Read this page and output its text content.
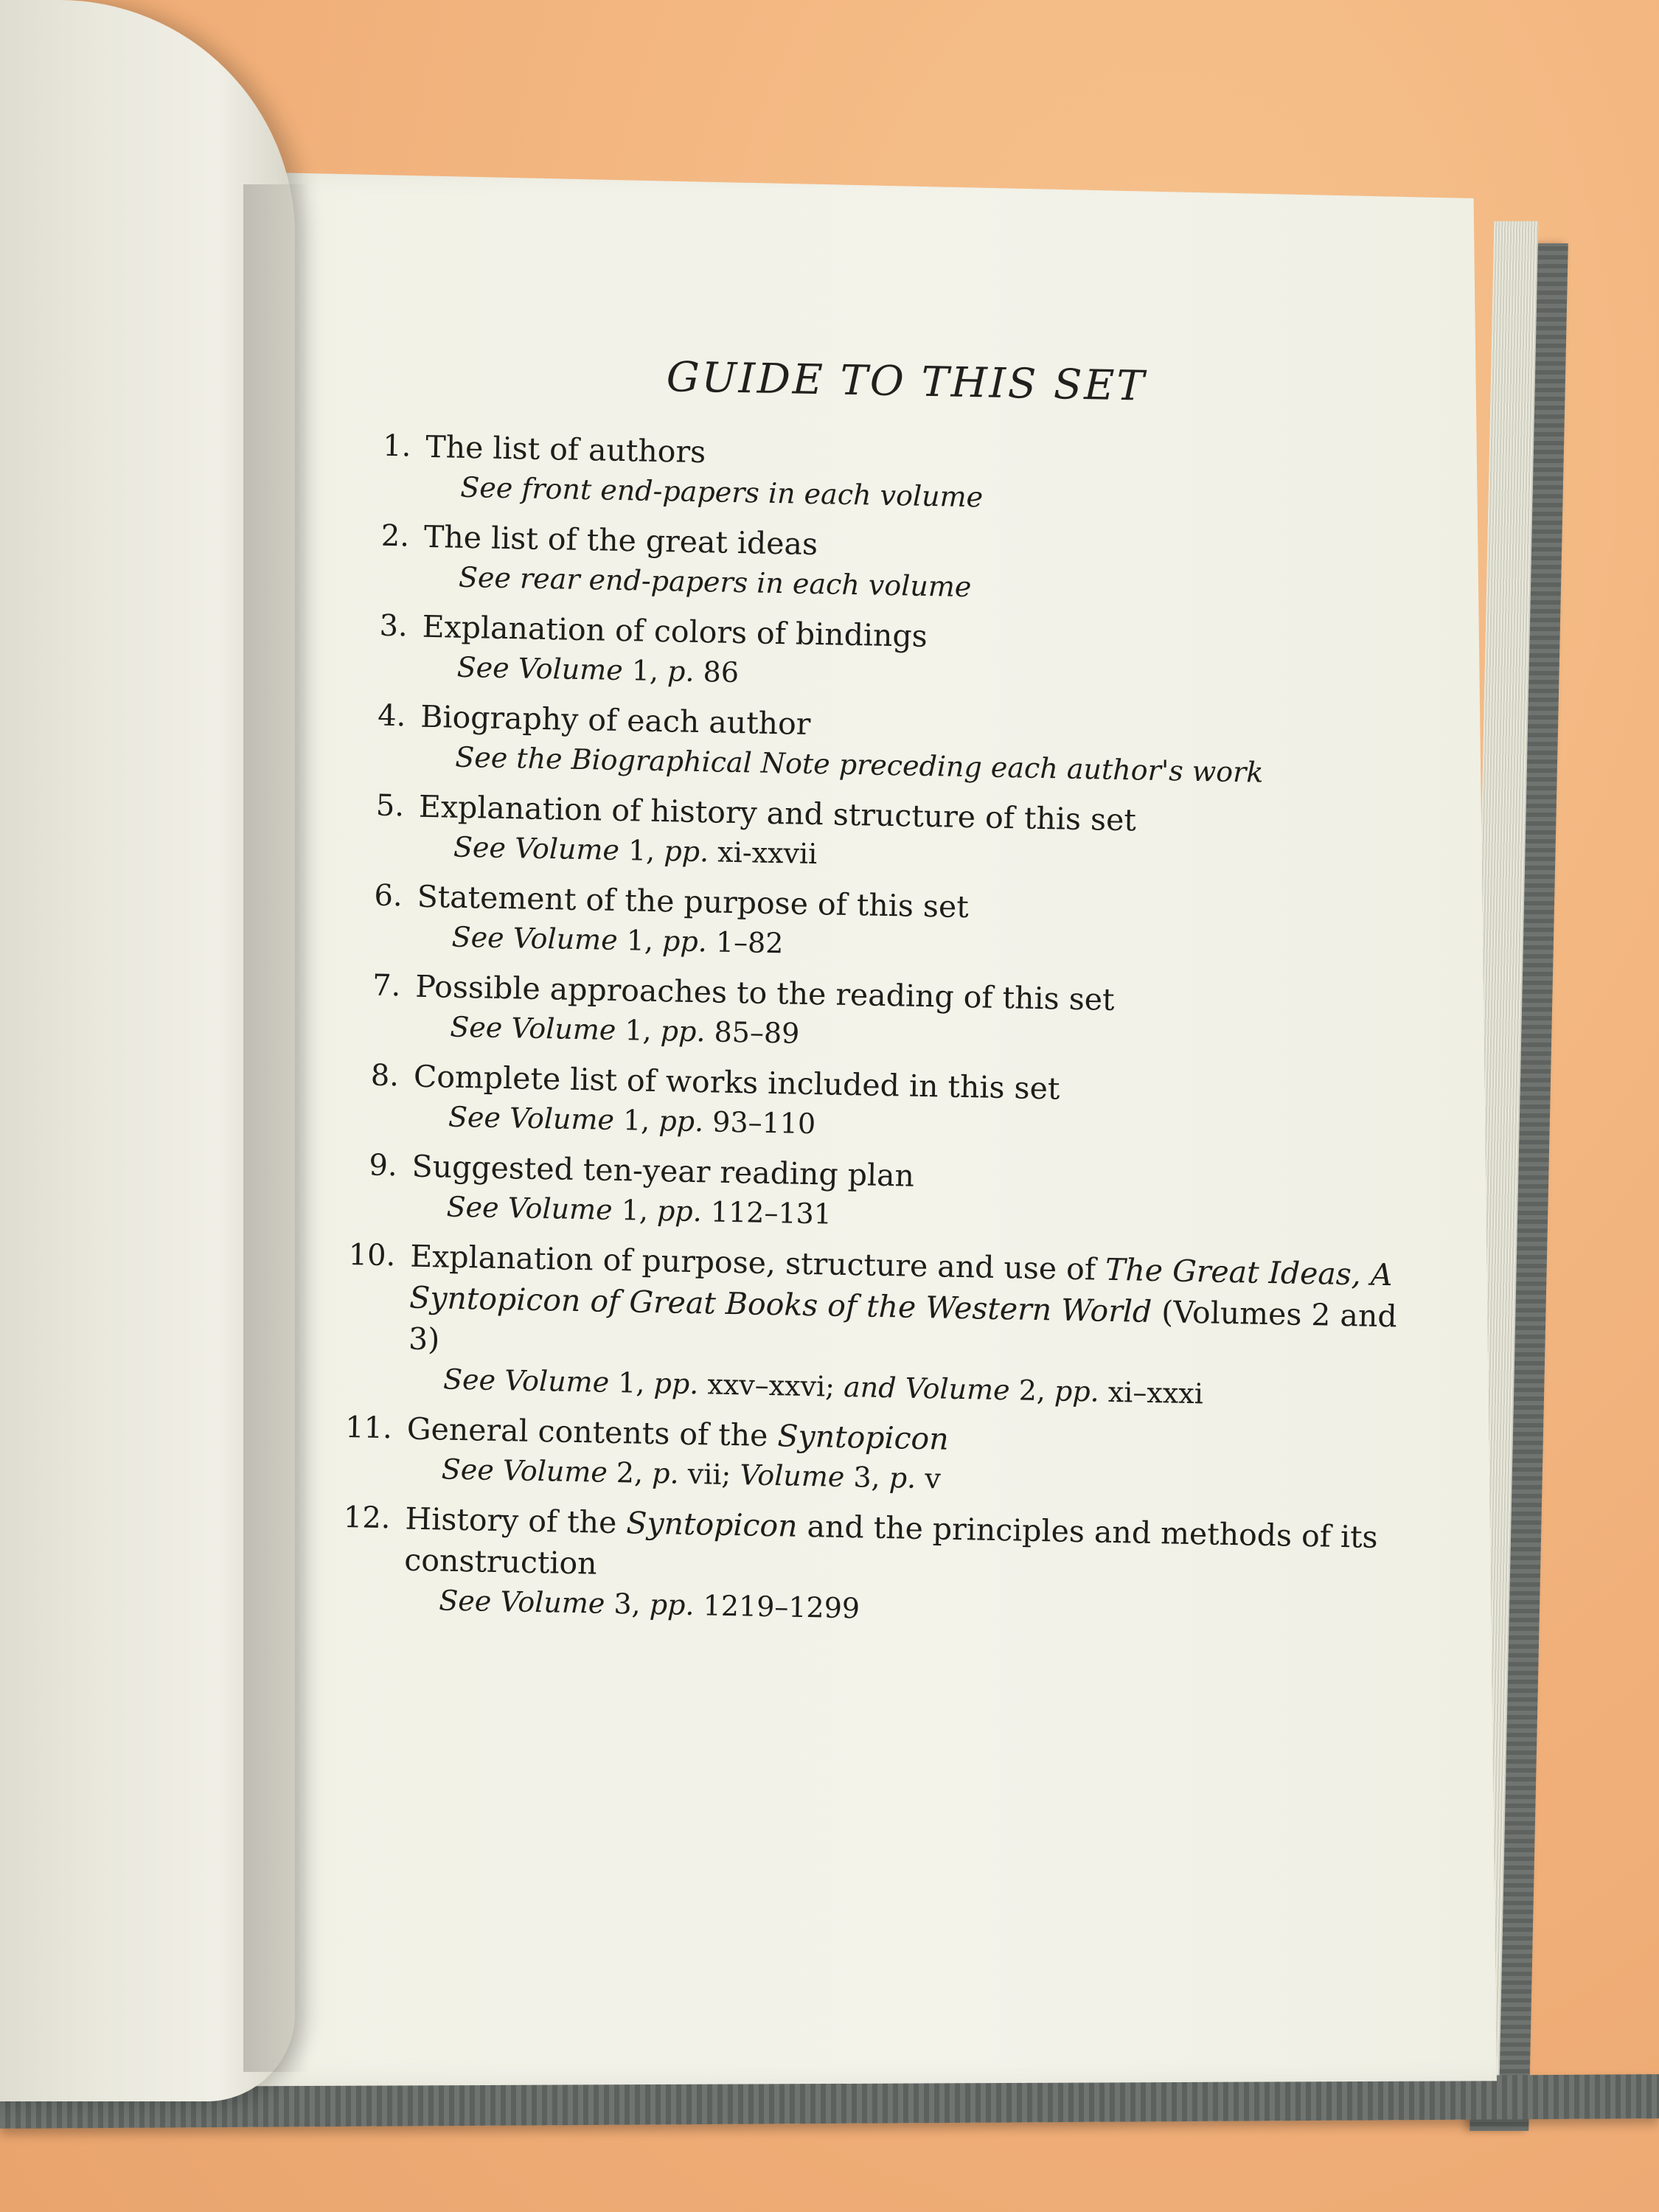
GUIDE TO THIS SET
1. The list of authors
See front end-papers in each volume
2. The list of the great ideas
See rear end-papers in each volume
3. Explanation of colors of bindings
See Volume 1, p. 86
4. Biography of each author
See the Biographical Note preceding each author's work
5. Explanation of history and structure of this set
See Volume 1, pp. xi-xxvii
6. Statement of the purpose of this set
See Volume 1, pp. 1–82
7. Possible approaches to the reading of this set
See Volume 1, pp. 85–89
8. Complete list of works included in this set
See Volume 1, pp. 93–110
9. Suggested ten-year reading plan
See Volume 1, pp. 112–131
10. Explanation of purpose, structure and use of The Great Ideas, A Syntopicon of Great Books of the Western World (Volumes 2 and 3)
See Volume 1, pp. xxv–xxvi; and Volume 2, pp. xi–xxxi
11. General contents of the Syntopicon
See Volume 2, p. vii; Volume 3, p. v
12. History of the Syntopicon and the principles and methods of its construction
See Volume 3, pp. 1219–1299
